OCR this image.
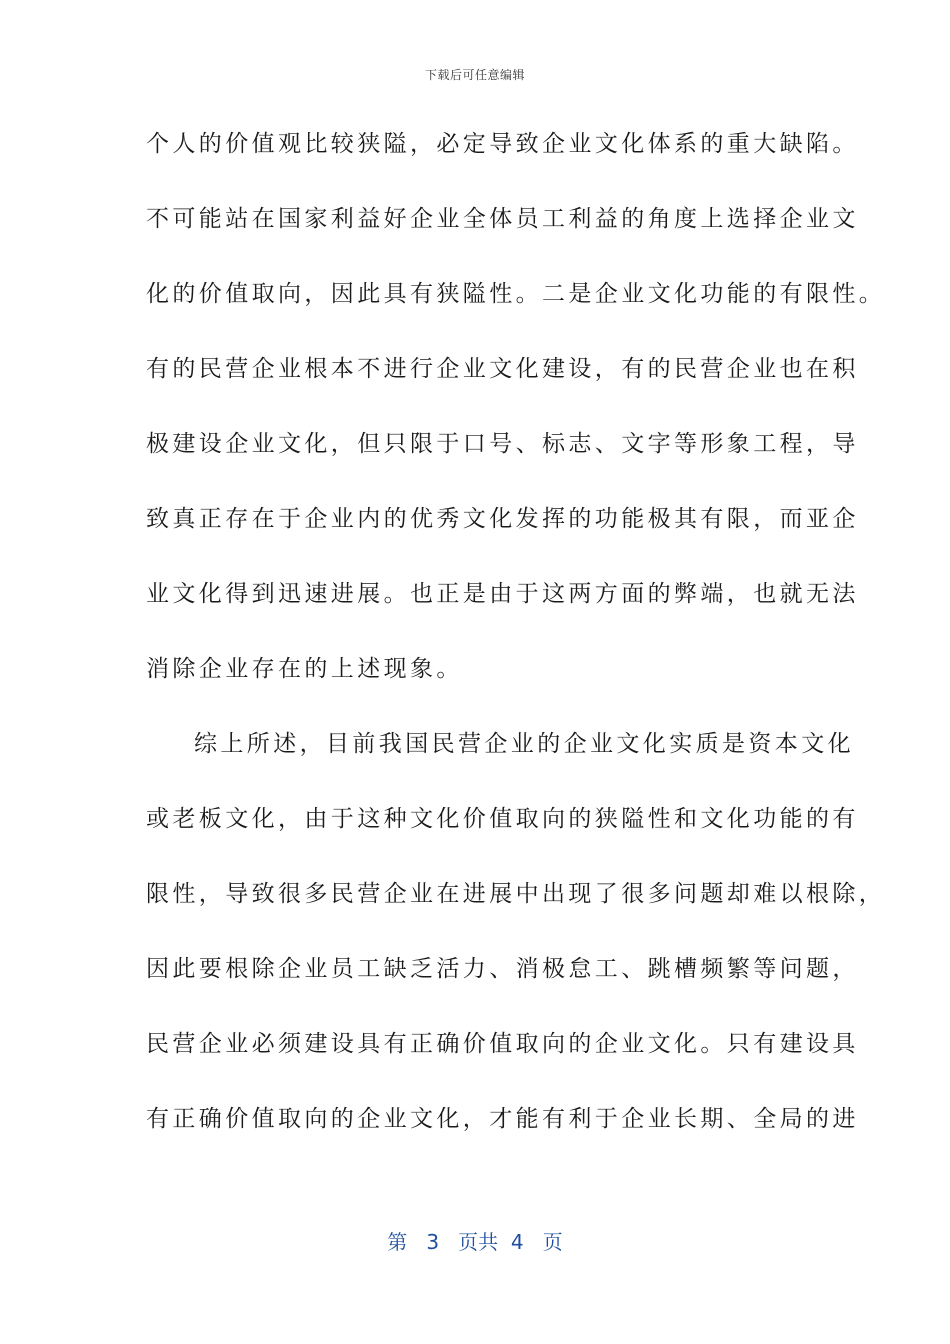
下载后可任意编辑
个人的价值观比较狭隘，必定导致企业文化体系的重大缺陷。
不可能站在国家利益好企业全体员工利益的角度上选择企业文
化的价值取向，因此具有狭隘性。二是企业文化功能的有限性。
有的民营企业根本不进行企业文化建设，有的民营企业也在积
极建设企业文化，但只限于口号、标志、文字等形象工程，导
致真正存在于企业内的优秀文化发挥的功能极其有限，而亚企
业文化得到迅速进展。也正是由于这两方面的弊端，也就无法
消除企业存在的上述现象。
综上所述，目前我国民营企业的企业文化实质是资本文化
或老板文化，由于这种文化价值取向的狭隘性和文化功能的有
限性，导致很多民营企业在进展中出现了很多问题却难以根除，
因此要根除企业员工缺乏活力、消极怠工、跳槽频繁等问题，
民营企业必须建设具有正确价值取向的企业文化。只有建设具
有正确价值取向的企业文化，才能有利于企业长期、全局的进
第 3 页共 4 页
